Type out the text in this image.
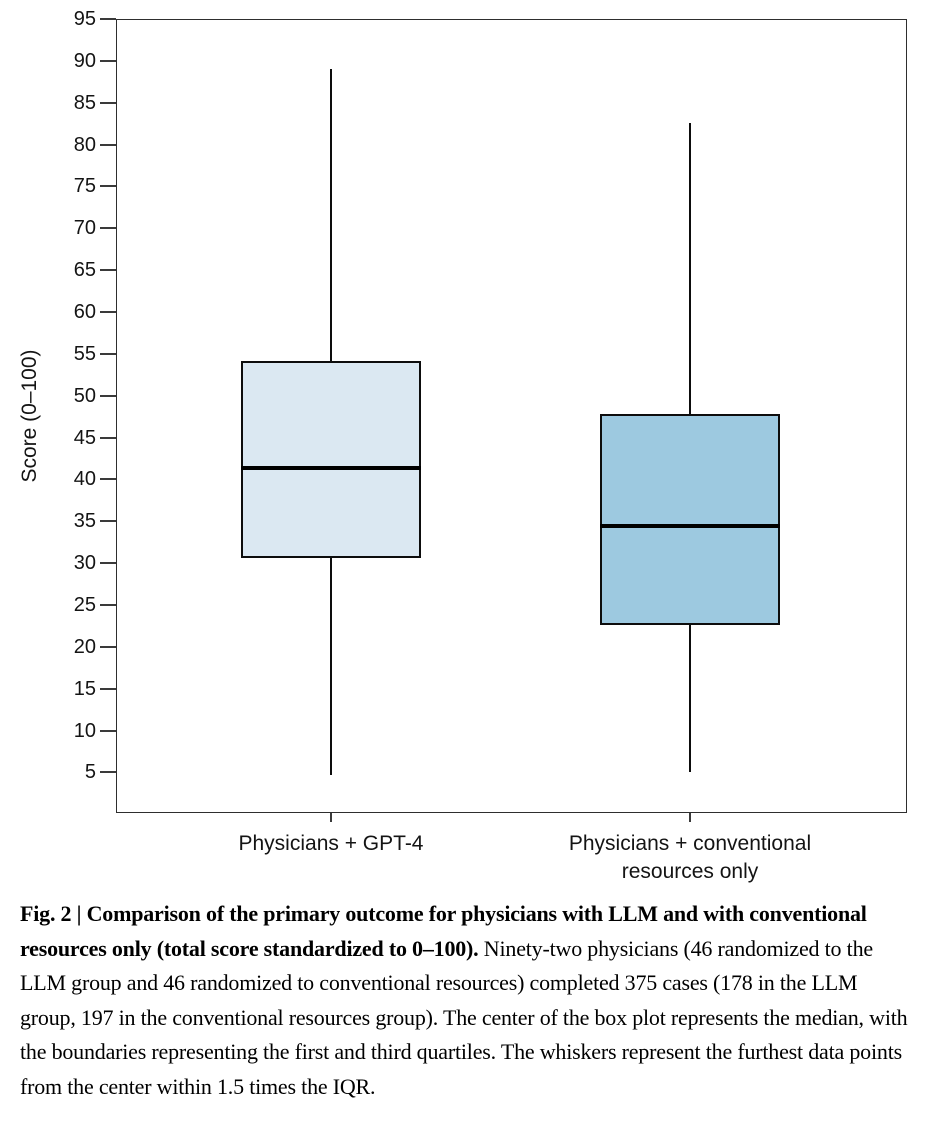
Score (0–100)
5
10
15
20
25
30
35
40
45
50
55
60
65
70
75
80
85
90
95
Physicians + GPT-4	Physicians + conventional
resources only
Fig. 2 | Comparison of the primary outcome for physicians with LLM and with conventional resources only (total score standardized to 0–100). Ninety-two physicians (46 randomized to the LLM group and 46 randomized to conventional resources) completed 375 cases (178 in the LLM group, 197 in the conventional resources group). The center of the box plot represents the median, with the boundaries representing the first and third quartiles. The whiskers represent the furthest data points from the center within 1.5 times the IQR.
